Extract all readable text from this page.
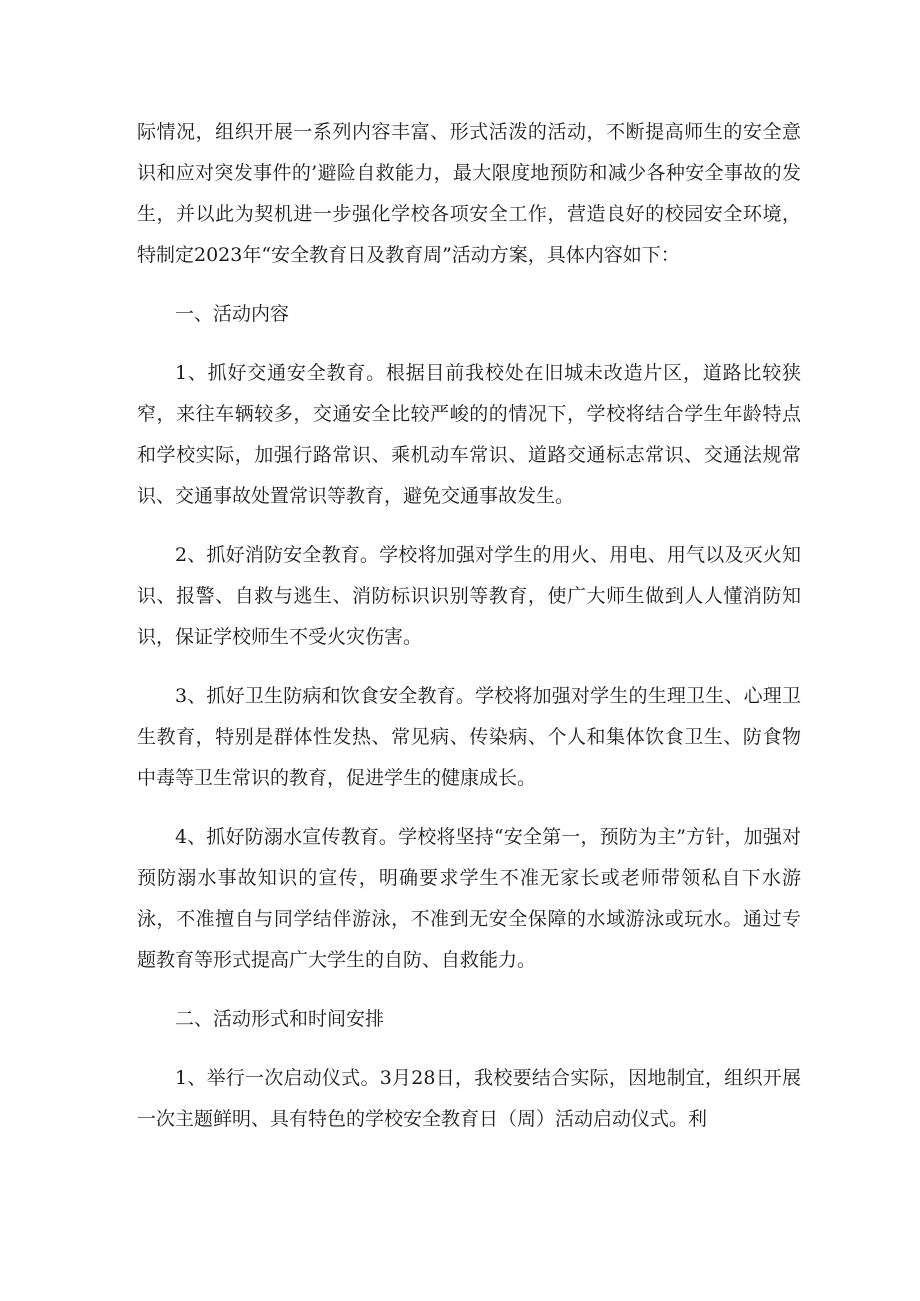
际情况，组织开展一系列内容丰富、形式活泼的活动，不断提高师生的安全意识和应对突发事件的’避险自救能力，最大限度地预防和减少各种安全事故的发生，并以此为契机进一步强化学校各项安全工作，营造良好的校园安全环境，特制定2023年“安全教育日及教育周”活动方案，具体内容如下：

一、活动内容

1、抓好交通安全教育。根据目前我校处在旧城未改造片区，道路比较狭窄，来往车辆较多，交通安全比较严峻的的情况下，学校将结合学生年龄特点和学校实际，加强行路常识、乘机动车常识、道路交通标志常识、交通法规常识、交通事故处置常识等教育，避免交通事故发生。

2、抓好消防安全教育。学校将加强对学生的用火、用电、用气以及灭火知识、报警、自救与逃生、消防标识识别等教育，使广大师生做到人人懂消防知识，保证学校师生不受火灾伤害。

3、抓好卫生防病和饮食安全教育。学校将加强对学生的生理卫生、心理卫生教育，特别是群体性发热、常见病、传染病、个人和集体饮食卫生、防食物中毒等卫生常识的教育，促进学生的健康成长。

4、抓好防溺水宣传教育。学校将坚持“安全第一，预防为主”方针，加强对预防溺水事故知识的宣传，明确要求学生不准无家长或老师带领私自下水游泳，不准擅自与同学结伴游泳，不准到无安全保障的水域游泳或玩水。通过专题教育等形式提高广大学生的自防、自救能力。

二、活动形式和时间安排

1、举行一次启动仪式。3月28日，我校要结合实际，因地制宜，组织开展一次主题鲜明、具有特色的学校安全教育日（周）活动启动仪式。利
